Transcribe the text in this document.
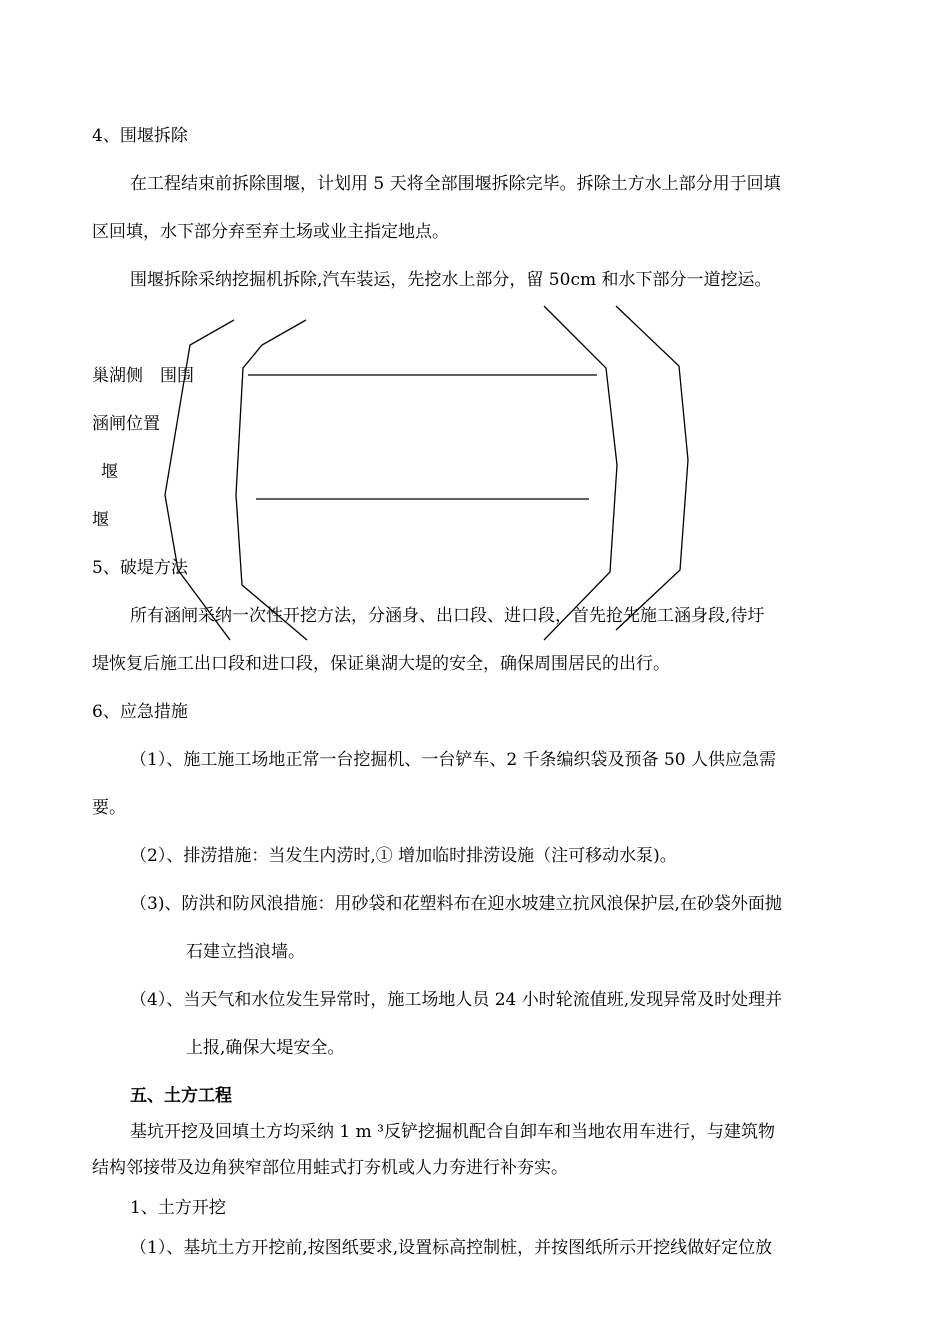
4、围堰拆除
在工程结束前拆除围堰，计划用 5 天将全部围堰拆除完毕。拆除土方水上部分用于回填
区回填，水下部分弃至弃土场或业主指定地点。
围堰拆除采纳挖掘机拆除,汽车装运，先挖水上部分，留 50cm 和水下部分一道挖运。
巢湖侧 围围
涵闸位置
堰
堰
5、破堤方法
所有涵闸采纳一次性开挖方法，分涵身、出口段、进口段，首先抢先施工涵身段,待圩
堤恢复后施工出口段和进口段，保证巢湖大堤的安全，确保周围居民的出行。
6、应急措施
（1）、施工施工场地正常一台挖掘机、一台铲车、2 千条编织袋及预备 50 人供应急需
要。
（2）、排涝措施：当发生内涝时,① 增加临时排涝设施（注可移动水泵)。
（3)、防洪和防风浪措施：用砂袋和花塑料布在迎水坡建立抗风浪保护层,在砂袋外面抛
石建立挡浪墙。
（4）、当天气和水位发生异常时，施工场地人员 24 小时轮流值班,发现异常及时处理并
上报,确保大堤安全。
五、土方工程
基坑开挖及回填土方均采纳 1 m ³反铲挖掘机配合自卸车和当地农用车进行，与建筑物
结构邻接带及边角狭窄部位用蛙式打夯机或人力夯进行补夯实。
1、土方开挖
（1）、基坑土方开挖前,按图纸要求,设置标高控制桩，并按图纸所示开挖线做好定位放
